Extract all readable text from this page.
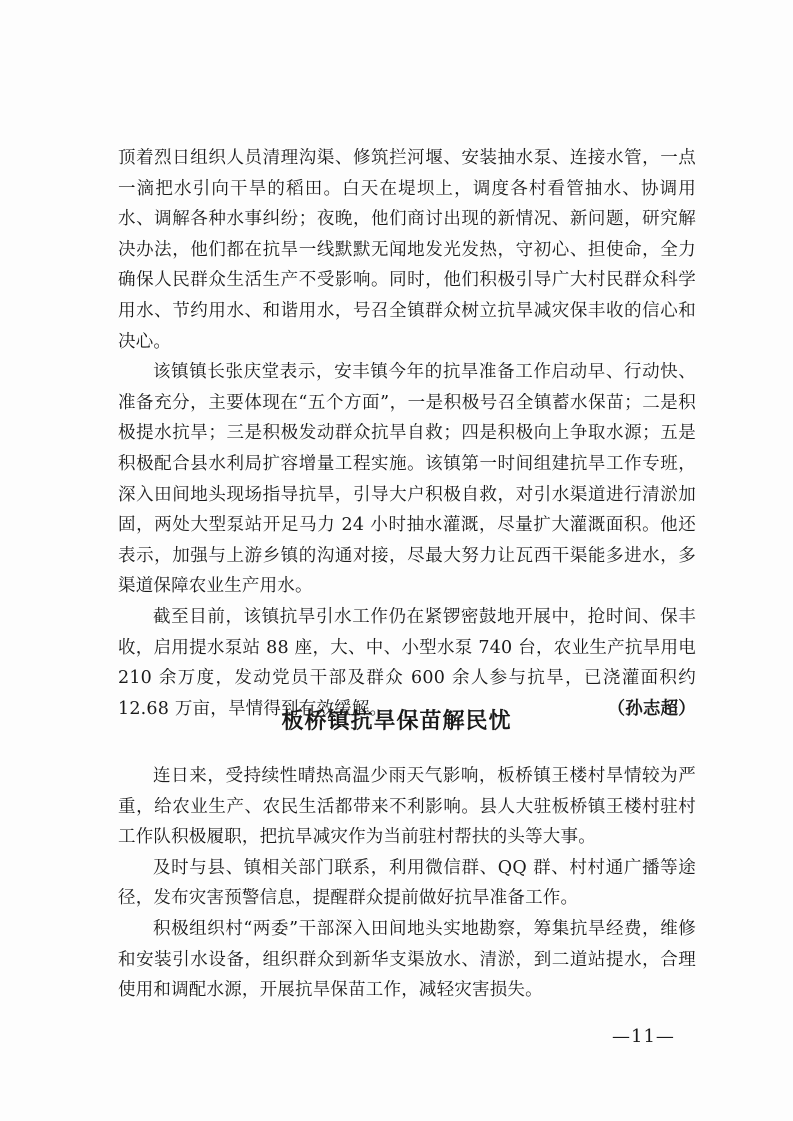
顶着烈日组织人员清理沟渠、修筑拦河堰、安装抽水泵、连接水管，一点一滴把水引向干旱的稻田。白天在堤坝上，调度各村看管抽水、协调用水、调解各种水事纠纷；夜晚，他们商讨出现的新情况、新问题，研究解决办法，他们都在抗旱一线默默无闻地发光发热，守初心、担使命，全力确保人民群众生活生产不受影响。同时，他们积极引导广大村民群众科学用水、节约用水、和谐用水，号召全镇群众树立抗旱减灾保丰收的信心和决心。

该镇镇长张庆堂表示，安丰镇今年的抗旱准备工作启动早、行动快、准备充分，主要体现在“五个方面”，一是积极号召全镇蓄水保苗；二是积极提水抗旱；三是积极发动群众抗旱自救；四是积极向上争取水源；五是积极配合县水利局扩容增量工程实施。该镇第一时间组建抗旱工作专班，深入田间地头现场指导抗旱，引导大户积极自救，对引水渠道进行清淤加固，两处大型泵站开足马力 24 小时抽水灌溉，尽量扩大灌溉面积。他还表示，加强与上游乡镇的沟通对接，尽最大努力让瓦西干渠能多进水，多渠道保障农业生产用水。

截至目前，该镇抗旱引水工作仍在紧锣密鼓地开展中，抢时间、保丰收，启用提水泵站 88 座，大、中、小型水泵 740 台，农业生产抗旱用电 210 余万度，发动党员干部及群众 600 余人参与抗旱，已浇灌面积约 12.68 万亩，旱情得到有效缓解。	（孙志超）

板桥镇抗旱保苗解民忧

连日来，受持续性晴热高温少雨天气影响，板桥镇王楼村旱情较为严重，给农业生产、农民生活都带来不利影响。县人大驻板桥镇王楼村驻村工作队积极履职，把抗旱减灾作为当前驻村帮扶的头等大事。

及时与县、镇相关部门联系，利用微信群、QQ 群、村村通广播等途径，发布灾害预警信息，提醒群众提前做好抗旱准备工作。

积极组织村“两委”干部深入田间地头实地勘察，筹集抗旱经费，维修和安装引水设备，组织群众到新华支渠放水、清淤，到二道站提水，合理使用和调配水源，开展抗旱保苗工作，减轻灾害损失。

—11—
